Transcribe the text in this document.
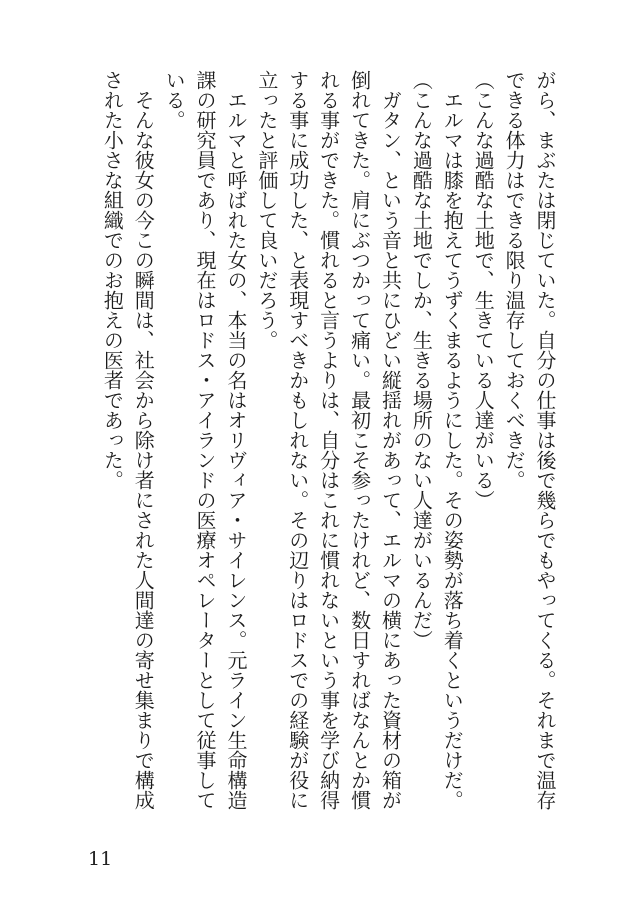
がら、まぶたは閉じていた。自分の仕事は後で幾らでもやってくる。それまで温存

できる体力はできる限り温存しておくべきだ。

（こんな過酷な土地で、生きている人達がいる）

　エルマは膝を抱えてうずくまるようにした。その姿勢が落ち着くというだけだ。

（こんな過酷な土地でしか、生きる場所のない人達がいるんだ）

　ガタン、という音と共にひどい縦揺れがあって、エルマの横にあった資材の箱が

倒れてきた。肩にぶつかって痛い。最初こそ参ったけれど、数日すればなんとか慣

れる事ができた。慣れると言うよりは、自分はこれに慣れないという事を学び納得

する事に成功した、と表現すべきかもしれない。その辺りはロドスでの経験が役に

立ったと評価して良いだろう。

　エルマと呼ばれた女の、本当の名はオリヴィア・サイレンス。元ライン生命構造

課の研究員であり、現在はロドス・アイランドの医療オペレーターとして従事して

いる。

　そんな彼女の今この瞬間は、社会から除け者にされた人間達の寄せ集まりで構成

された小さな組織でのお抱えの医者であった。

11
